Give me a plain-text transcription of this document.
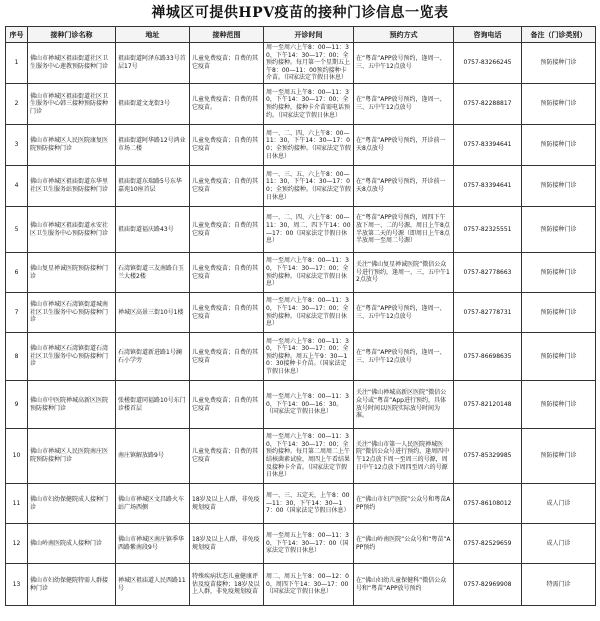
禅城区可提供HPV疫苗的接种门诊信息一览表
序号	接种门诊名称	地址	接种范围	开诊时间	预约方式	咨询电话	备注（门诊类别）
1	佛山市禅城区祖庙街道社区卫生服务中心莲教预防接种门诊	祖庙街道阿泽东路33号首层17号	儿童免费疫苗；自费的其它疫苗	周一至周六上午8：00—11：30，下午14：30—17：00；全预约接种。每月第一个星期五上午8：00—11：00预约接种卡介苗。（国家法定节假日休息）	在“粤苗”APP放号预约，逢周一、三、五中午12点放号	0757-83266245	预防接种门诊
2	佛山市禅城区祖庙街道社区卫生服务中心韩三接种预防接种门诊	祖庙街道文龙街3号	儿童免费疫苗；自费的其它疫苗。	周一至周五上午8：00—11：30，下午14：30—17：00；全预约接种，接种卡介苗需电话预约。（国家法定节假日休息）	在“粤苗”APP放号预约，逢周一、三、五中午12点放号	0757-82288817	预防接种门诊
3	佛山市禅城区人民医院康复医院预防接种门诊	祖庙街道阿华路12号鸿业市场二楼	儿童免费疫苗；自费的其它疫苗	周一、二、四、六上午8：00—11：30，下午14：30—17：00；全预约接种。（国家法定节假日休息）	在“粤苗”APP放号预约，开诊前一天8点放号	0757-83394641	预防接种门诊
4	佛山市禅城区祖庙街道东华里社区卫生服务站预防接种门诊	祖庙街道东瑞路5号东华嘉苑10座首层	儿童免费疫苗；自费的其它疫苗	周一、三、五、六上午8：00—11：30，下午14：30—17：00；全预约接种。（国家法定节假日休息）	在“粤苗”APP放号预约，开诊前一天8点放号	0757-83394641	预防接种门诊
5	佛山市禅城区祖庙街道永安社区卫生服务中心预防接种门诊	祖庙街道福庆路43号	儿童免费疫苗；自费的其它疫苗	周一、二、四、六上午8：00—11：30，周二、四下午14：00—17：00（国家法定节假日休息）	在“粤苗”APP放号预约，周四下午放下周一、二的号源，周日上午8点半放第二天的号源（即周日上午8点半放周一至周二号源）	0757-82325551	预防接种门诊
6	佛山复星禅诚医院预防接种门诊	石湾镇街道三友南路白玉兰大楼2楼	儿童免费疫苗；自费的其它疫苗	周一至周六上午8：00—11：30，下午14：30—17：00；全预约接种。（国家法定节假日休息）	关注“佛山复星禅诚医院”微信公众号进行预约，逢周一、三、五中午12点放号	0757-82778663	预防接种门诊
7	佛山市禅城区石湾镇街道城南社区卫生服务中心预防接种门诊	禅城区高景三街10号1楼	儿童免费疫苗；自费的其它疫苗	周一至周六上午8：00—11：30，下午14：30—17：00；全预约接种。（国家法定节假日休息）	在“粤苗”APP放号预约，逢周一、三、五中午12点放号	0757-82778731	预防接种门诊
8	佛山市禅城区石湾镇街道石湾社区卫生服务中心预防接种门诊	石湾镇街道新进路1号澜石小学旁	儿童免费疫苗；自费的其它疫苗	周一至周六上午8：00—11：30，下午14：30—17：00；全预约接种。周五上午9：30—10：30接种卡介苗。（国家法定节假日休息）	在“粤苗”APP放号预约，逢周一、三、五中午12点放号	0757-86698635	预防接种门诊
9	佛山市中医院禅城高新区医院预防接种门诊	张槎街道同福路10号东门诊楼首层	儿童免费疫苗；自费的其它疫苗	周一至周六上午8：00—11：30，下午14：00—16：30。（国家法定节假日休息）	关注“佛山禅城高新区医院”微信公众号或“粤苗”App进行预约，具体放号时间以医院实际放号时间为准。	0757-82120148	预防接种门诊
10	佛山市禅城区人民医院南庄医院预防接种门诊	南庄镇解放路9号	儿童免费疫苗；自费的其它疫苗	周一至周六上午8：00—11：30，下午14：30—17：00；全预约接种。每月第二周周二上午结核菌素试验，周四上午看结果及接种卡介苗。（国家法定节假日休息）	关注“佛山市第一人民医院禅城医院”微信公众号进行预约，逢周四中午12点放下周一至周三的号源，周日中午12点放下周四至周六的号源	0757-85329985	预防接种门诊
11	佛山市妇幼保健院成人接种门诊	佛山市禅城区文昌路火车站广场西侧	18岁及以上人群，非免疫规划疫苗	周一、三、五定天，上午8：00—11：30，下午14：30—17：00（国家法定节假日休息）	在“佛山市妇产医院”公众号和粤苗APP预约	0757-86108012	成人门诊
12	佛山岭南医院成人接种门诊	佛山市禅城区南庄镇季华西路紫南段9号	18岁及以上人群，非免疫规划疫苗	周一至周五上午8：00—11：30，下午14：30—17：00（国家法定节假日休息）	在“佛山岭南医院”公众号和“粤苗”APP预约	0757-82529659	成人门诊
13	佛山市妇幼保健院特需人群接种门诊	禅城区祖庙道人民西路11号	特殊疾病状态儿童健康评估及疫苗接种；18岁及以上人群，非免疫规划疫苗	周二、周五上午8：00—12：00，周四下午14：30—17：00（国家法定节假日休息）	在“佛山妇幼儿童保健科”微信公众号和“粤苗”APP放号预约	0757-82969908	特需门诊
